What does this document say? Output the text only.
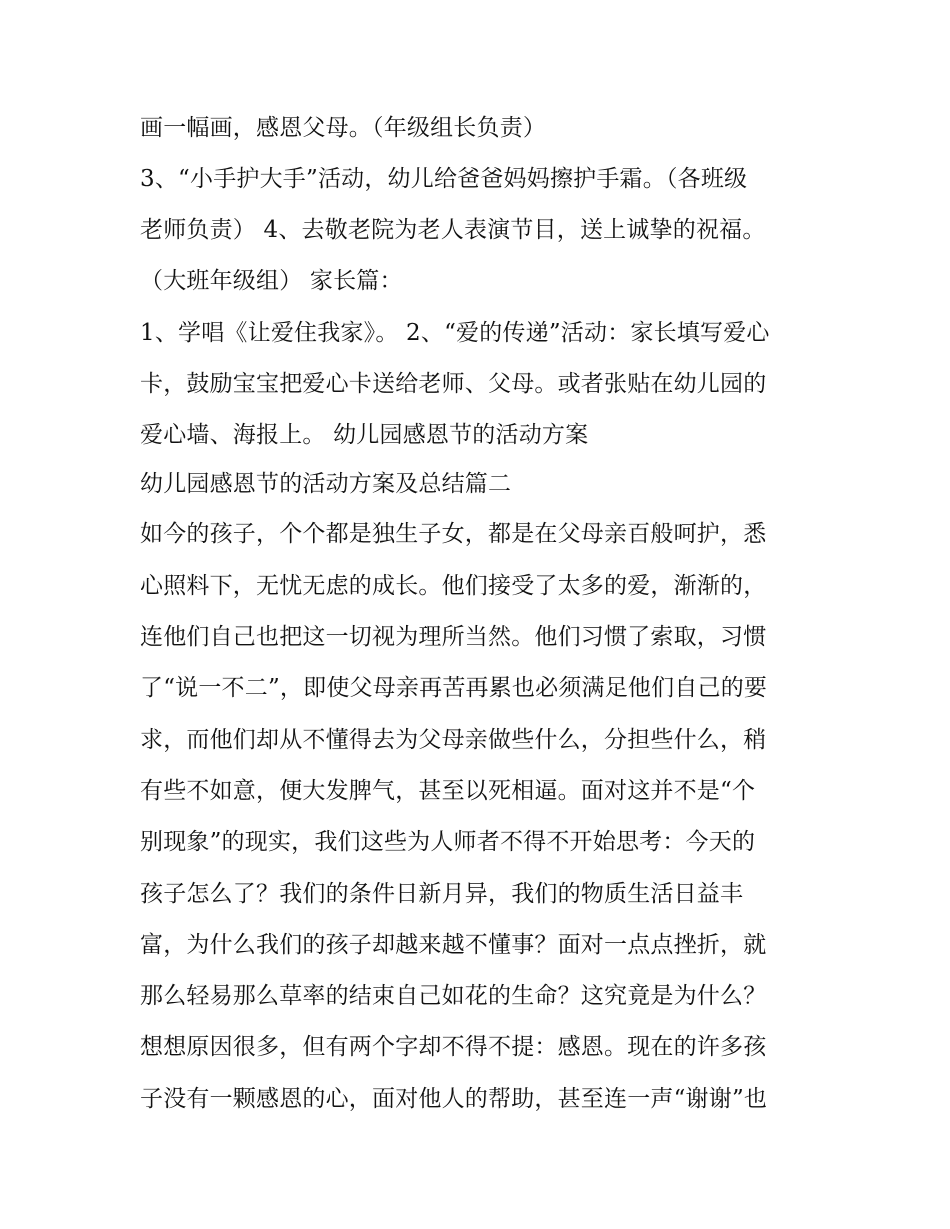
画一幅画，感恩父母。（年级组长负责）
3、“小手护大手”活动，幼儿给爸爸妈妈擦护手霜。（各班级
老师负责） 4、去敬老院为老人表演节目，送上诚挚的祝福。
（大班年级组） 家长篇：
1、学唱《让爱住我家》。 2、“爱的传递”活动：家长填写爱心
卡，鼓励宝宝把爱心卡送给老师、父母。或者张贴在幼儿园的
爱心墙、海报上。 幼儿园感恩节的活动方案
幼儿园感恩节的活动方案及总结篇二
如今的孩子，个个都是独生子女，都是在父母亲百般呵护，悉
心照料下，无忧无虑的成长。他们接受了太多的爱，渐渐的，
连他们自己也把这一切视为理所当然。他们习惯了索取，习惯
了“说一不二”，即使父母亲再苦再累也必须满足他们自己的要
求，而他们却从不懂得去为父母亲做些什么，分担些什么，稍
有些不如意，便大发脾气，甚至以死相逼。面对这并不是“个
别现象”的现实，我们这些为人师者不得不开始思考：今天的
孩子怎么了？我们的条件日新月异，我们的物质生活日益丰
富，为什么我们的孩子却越来越不懂事？面对一点点挫折，就
那么轻易那么草率的结束自己如花的生命？这究竟是为什么？
想想原因很多，但有两个字却不得不提：感恩。现在的许多孩
子没有一颗感恩的心，面对他人的帮助，甚至连一声“谢谢”也
